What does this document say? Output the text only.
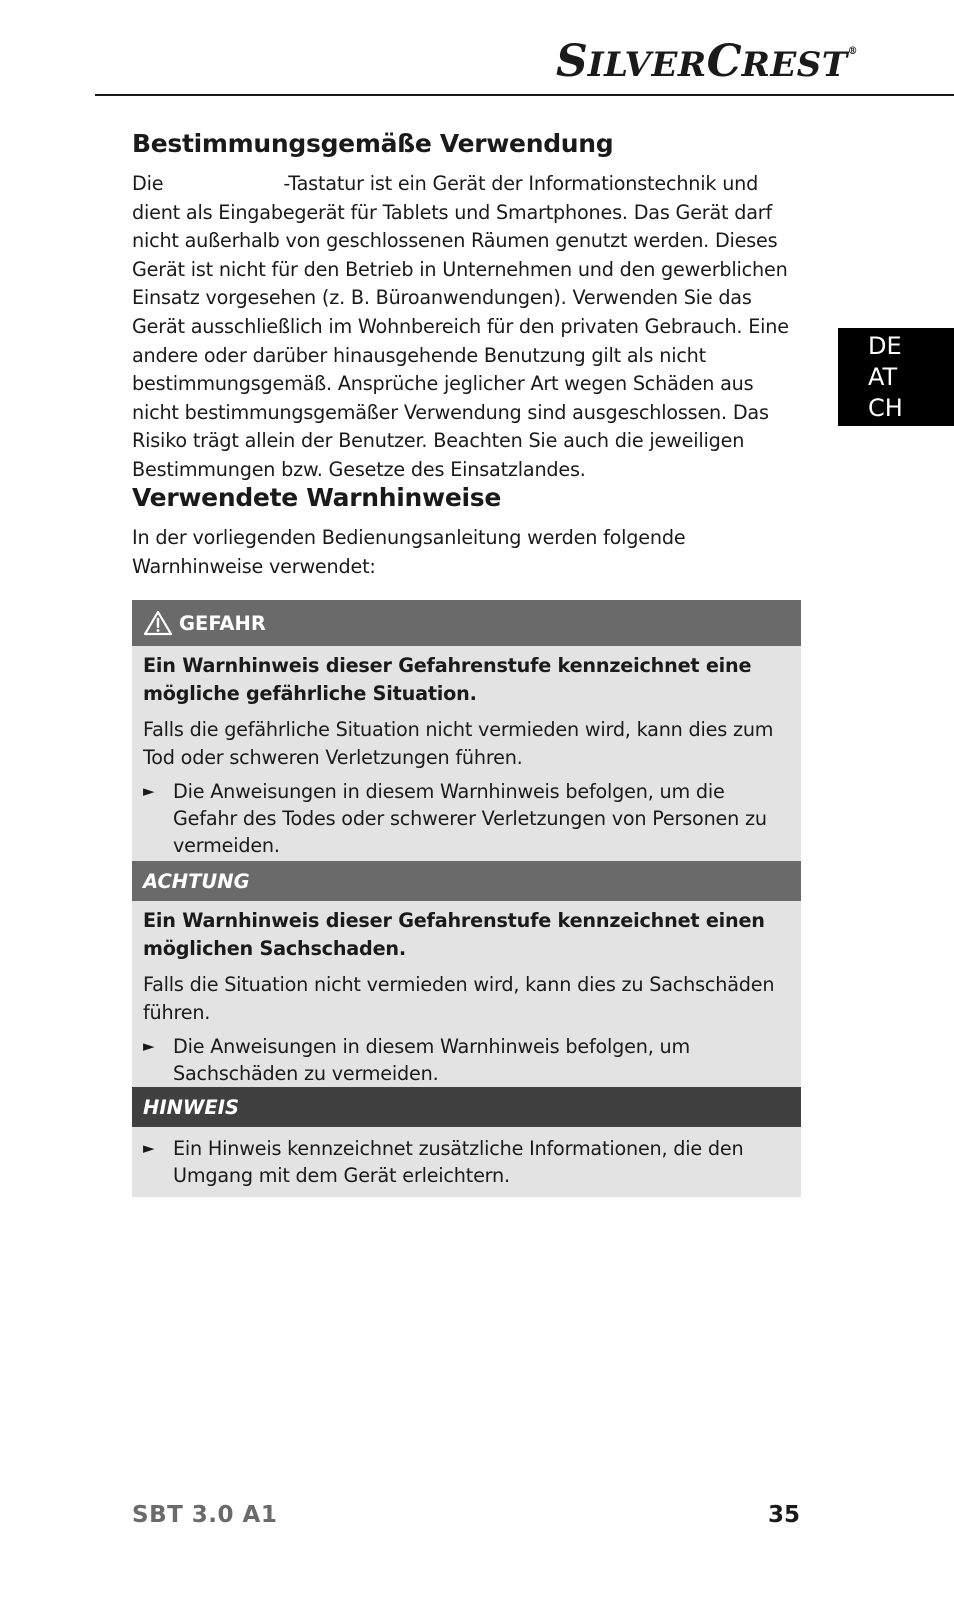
SILVERCREST®
DE
AT
CH
Bestimmungsgemäße Verwendung

Die	-Tastatur ist ein Gerät der Informationstechnik und dient als Eingabegerät für Tablets und Smartphones. Das Gerät darf nicht außerhalb von geschlossenen Räumen genutzt werden. Dieses Gerät ist nicht für den Betrieb in Unternehmen und den gewerblichen Einsatz vorgesehen (z. B. Büroanwendungen). Verwenden Sie das Gerät ausschließlich im Wohnbereich für den privaten Gebrauch. Eine andere oder darüber hinausgehende Benutzung gilt als nicht bestimmungsgemäß. Ansprüche jeglicher Art wegen Schäden aus nicht bestimmungsgemäßer Verwendung sind ausgeschlossen. Das Risiko trägt allein der Benutzer. Beachten Sie auch die jeweiligen Bestimmungen bzw. Gesetze des Einsatzlandes.

Verwendete Warnhinweise

In der vorliegenden Bedienungsanleitung werden folgende Warnhinweise verwendet:

GEFAHR

Ein Warnhinweis dieser Gefahrenstufe kennzeichnet eine mögliche gefährliche Situation.

Falls die gefährliche Situation nicht vermieden wird, kann dies zum Tod oder schweren Verletzungen führen.

► Die Anweisungen in diesem Warnhinweis befolgen, um die Gefahr des Todes oder schwerer Verletzungen von Personen zu vermeiden.
ACHTUNG

Ein Warnhinweis dieser Gefahrenstufe kennzeichnet einen möglichen Sachschaden.

Falls die Situation nicht vermieden wird, kann dies zu Sachschäden führen.

► Die Anweisungen in diesem Warnhinweis befolgen, um Sachschäden zu vermeiden.
HINWEIS
► Ein Hinweis kennzeichnet zusätzliche Informationen, die den Umgang mit dem Gerät erleichtern.
SBT 3.0 A1	35
